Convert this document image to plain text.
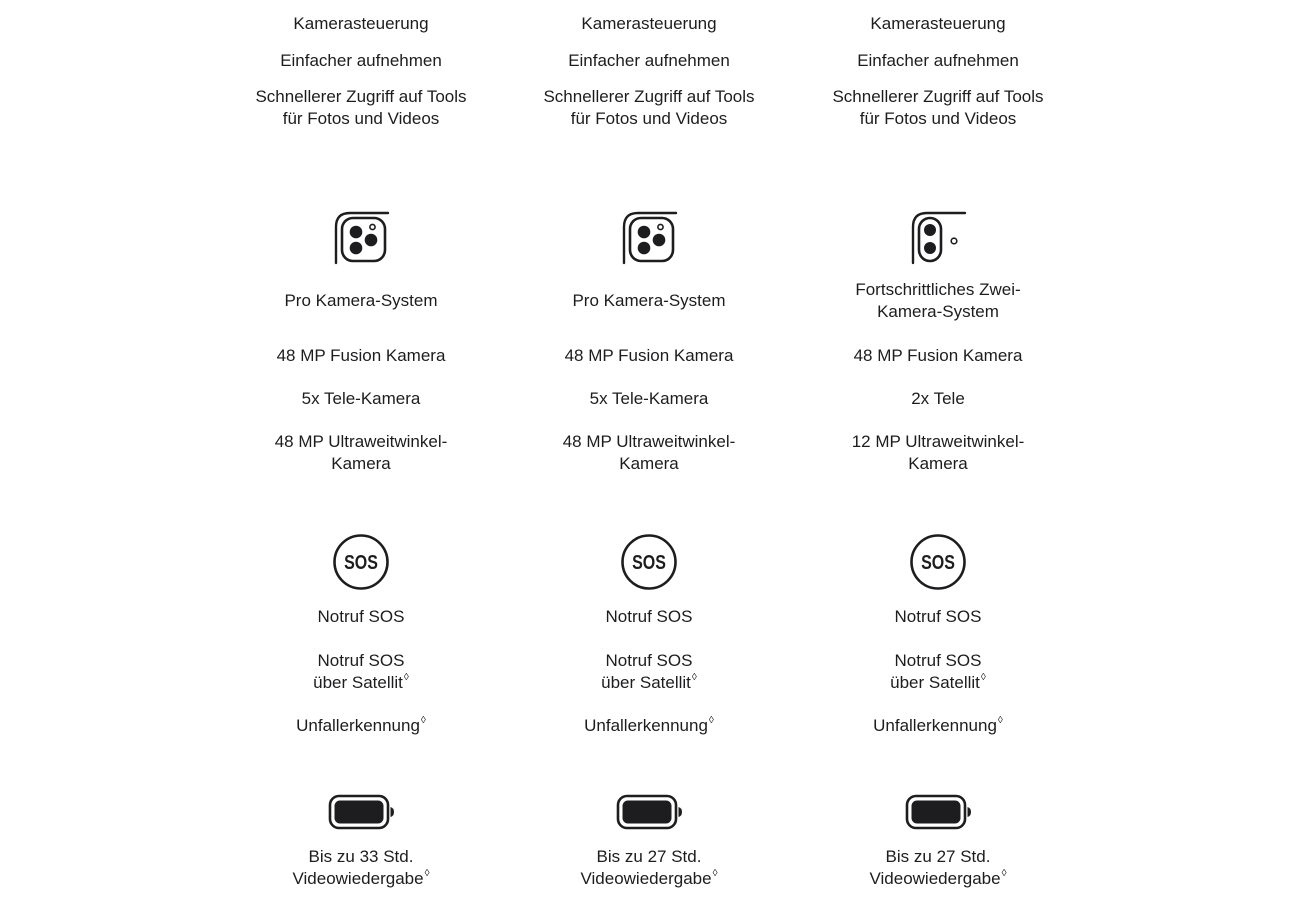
Kamerasteuerung

Einfacher aufnehmen

Schnellerer Zugriff auf Tools für Fotos und Videos

Pro Kamera-System

48 MP Fusion Kamera

5x Tele-Kamera

48 MP Ultraweitwinkel-Kamera

SOS

Notruf SOS

Notruf SOS
über Satellit◊

Unfallerkennung◊

Bis zu 33 Std.
Videowiedergabe◊

Kamerasteuerung

Einfacher aufnehmen

Schnellerer Zugriff auf Tools für Fotos und Videos

Pro Kamera-System

48 MP Fusion Kamera

5x Tele-Kamera

48 MP Ultraweitwinkel-Kamera

SOS

Notruf SOS

Notruf SOS
über Satellit◊

Unfallerkennung◊

Bis zu 27 Std.
Videowiedergabe◊

Kamerasteuerung

Einfacher aufnehmen

Schnellerer Zugriff auf Tools für Fotos und Videos

Fortschrittliches Zwei-Kamera-System

48 MP Fusion Kamera

2x Tele

12 MP Ultraweitwinkel-Kamera

SOS

Notruf SOS

Notruf SOS
über Satellit◊

Unfallerkennung◊

Bis zu 27 Std.
Videowiedergabe◊
